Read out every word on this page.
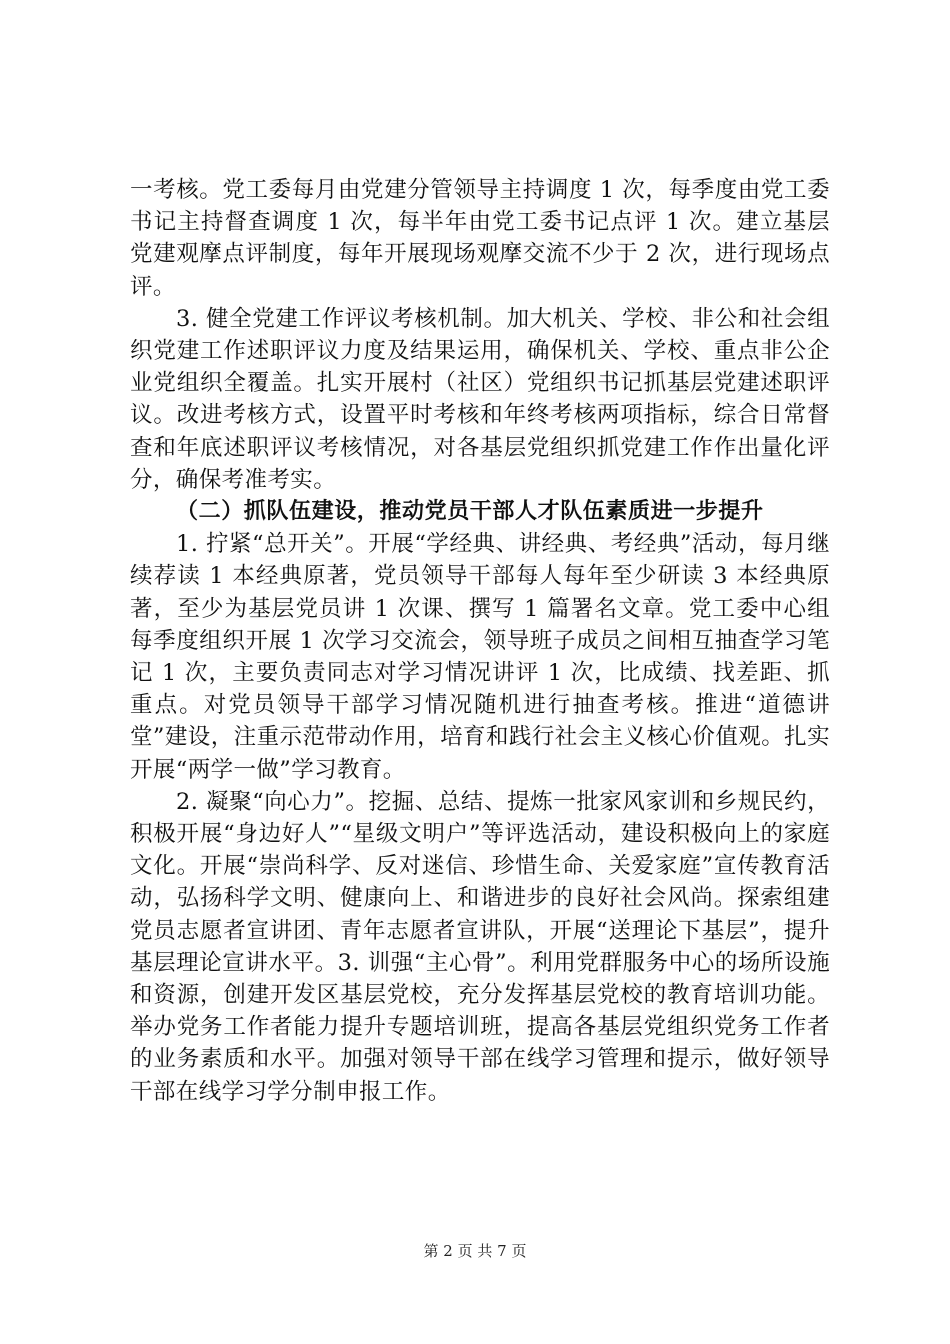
一考核。党工委每月由党建分管领导主持调度 1 次，每季度由党工委书记主持督查调度 1 次，每半年由党工委书记点评 1 次。建立基层党建观摩点评制度，每年开展现场观摩交流不少于 2 次，进行现场点评。

3. 健全党建工作评议考核机制。加大机关、学校、非公和社会组织党建工作述职评议力度及结果运用，确保机关、学校、重点非公企业党组织全覆盖。扎实开展村（社区）党组织书记抓基层党建述职评议。改进考核方式，设置平时考核和年终考核两项指标，综合日常督查和年底述职评议考核情况，对各基层党组织抓党建工作作出量化评分，确保考准考实。

（二）抓队伍建设，推动党员干部人才队伍素质进一步提升

1. 拧紧“总开关”。开展“学经典、讲经典、考经典”活动，每月继续荐读 1 本经典原著，党员领导干部每人每年至少研读 3 本经典原著，至少为基层党员讲 1 次课、撰写 1 篇署名文章。党工委中心组每季度组织开展 1 次学习交流会，领导班子成员之间相互抽查学习笔记 1 次，主要负责同志对学习情况讲评 1 次，比成绩、找差距、抓重点。对党员领导干部学习情况随机进行抽查考核。推进“道德讲堂”建设，注重示范带动作用，培育和践行社会主义核心价值观。扎实开展“两学一做”学习教育。

2. 凝聚“向心力”。挖掘、总结、提炼一批家风家训和乡规民约，积极开展“身边好人”“星级文明户”等评选活动，建设积极向上的家庭文化。开展“崇尚科学、反对迷信、珍惜生命、关爱家庭”宣传教育活动，弘扬科学文明、健康向上、和谐进步的良好社会风尚。探索组建党员志愿者宣讲团、青年志愿者宣讲队，开展“送理论下基层”，提升基层理论宣讲水平。3. 训强“主心骨”。利用党群服务中心的场所设施和资源，创建开发区基层党校，充分发挥基层党校的教育培训功能。举办党务工作者能力提升专题培训班，提高各基层党组织党务工作者的业务素质和水平。加强对领导干部在线学习管理和提示，做好领导干部在线学习学分制申报工作。

第 2 页 共 7 页
